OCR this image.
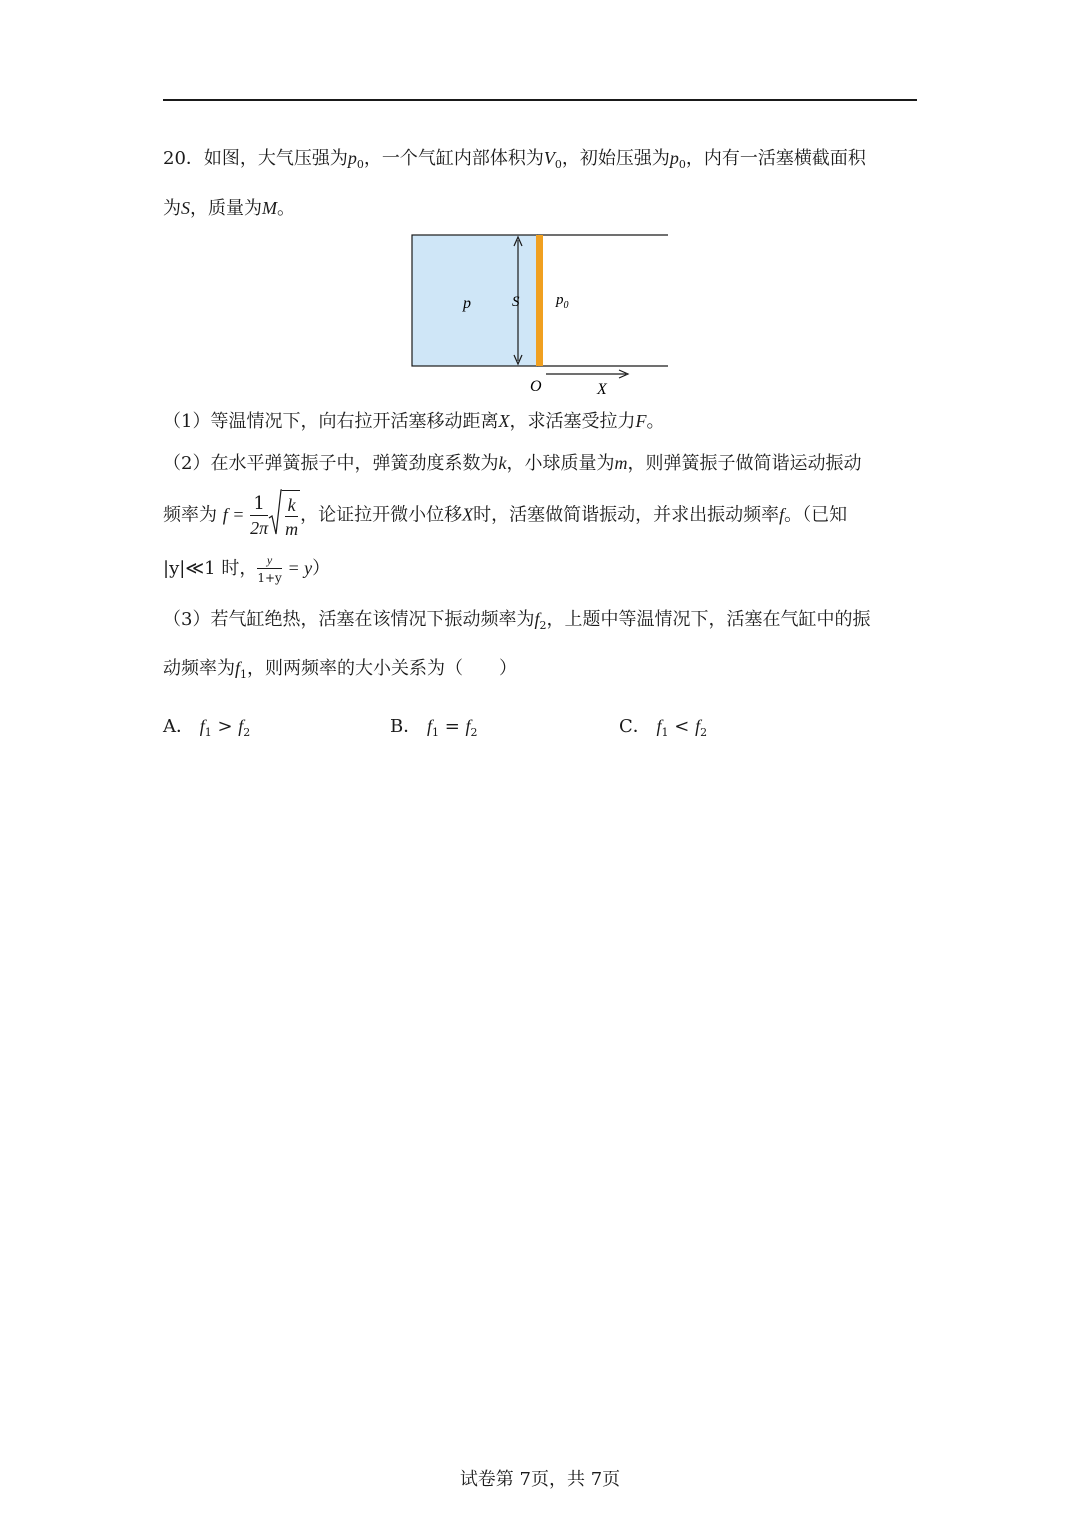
20．如图，大气压强为$p_0$，一个气缸内部体积为$V_0$，初始压强为$p_0$，内有一活塞横截面积
为S，质量为M。
p	S $p_0$
O	X
（1）等温情况下，向右拉开活塞移动距离X，求活塞受拉力F。
（2）在水平弹簧振子中，弹簧劲度系数为k，小球质量为m，则弹簧振子做简谐运动振动
频率为 $f = \frac{1}{2\pi} \frac{k}{m}$ ，论证拉开微小位移X时，活塞做简谐振动，并求出振动频率f。（已知
|y|≪1 时， $\frac{y}{1+y} = y$）
（3）若气缸绝热，活塞在该情况下振动频率为$f_2$，上题中等温情况下，活塞在气缸中的振
动频率为$f_1$，则两频率的大小关系为（　　）
A． $f_1 > f_2$	B． $f_1 = f_2$	C． $f_1 < f_2$
试卷第 7页，共 7页
